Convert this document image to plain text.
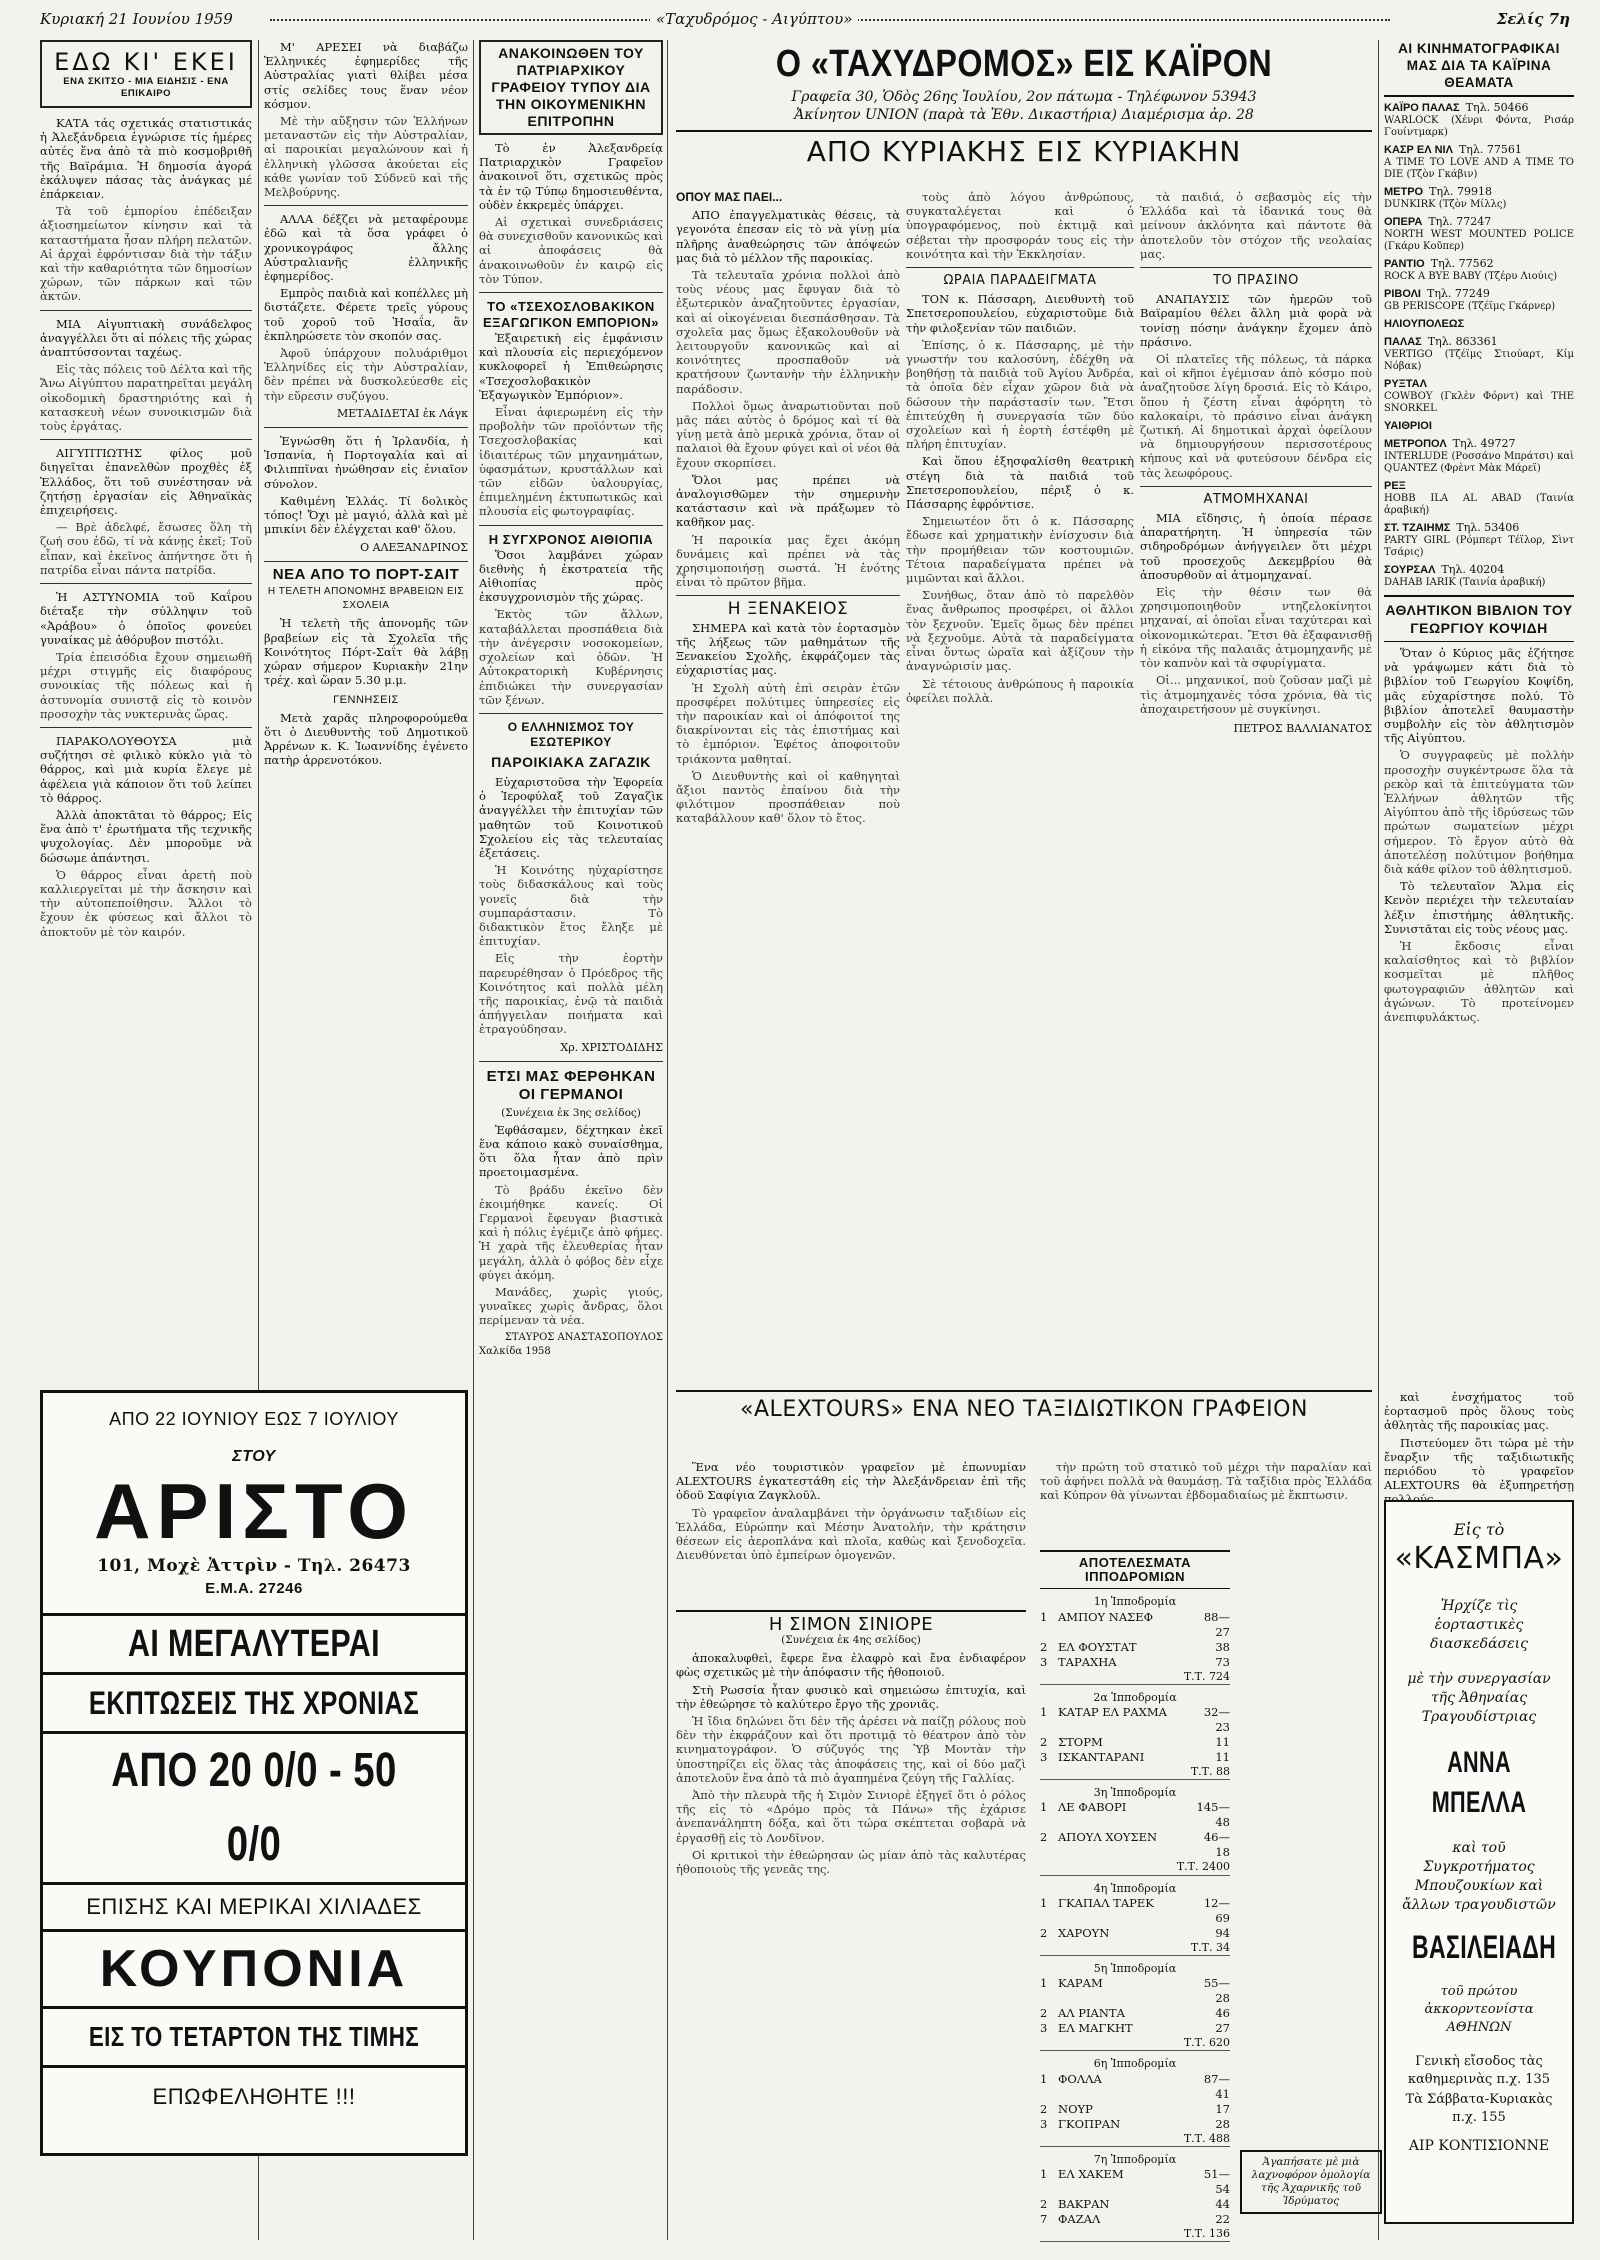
Κυριακή 21 Ιουνίου 1959	«Ταχυδρόμος - Αιγύπτου»	Σελίς 7η
ΕΔΩ ΚΙ' ΕΚΕΙ
ΕΝΑ ΣΚΙΤΣΟ - ΜΙΑ ΕΙΔΗΣΙΣ - ΕΝΑ ΕΠΙΚΑΙΡΟ

ΚΑΤΑ τάς σχετικάς στατιστικάς ἡ Ἀλεξάνδρεια ἐγνώρισε τίς ἡμέρες αὐτές ἕνα ἀπὸ τὰ πιὸ κοσμοβριθῆ τῆς Βαϊράμια. Ἡ δημοσία ἀγορά ἐκάλυψεν πάσας τὰς ἀνάγκας μέ ἐπάρκειαν.

Τὰ τοῦ ἐμπορίου ἐπέδειξαν ἀξιοσημείωτον κίνησιν καὶ τὰ καταστήματα ἦσαν πλήρη πελατῶν. Αἱ ἀρχαὶ ἐφρόντισαν διὰ τὴν τάξιν καὶ τὴν καθαριότητα τῶν δημοσίων χώρων, τῶν πάρκων καὶ τῶν ἀκτῶν.

ΜΙΑ Αἰγυπτιακὴ συνάδελφος ἀναγγέλλει ὅτι αἱ πόλεις τῆς χώρας ἀναπτύσσονται ταχέως.

Εἰς τὰς πόλεις τοῦ Δέλτα καὶ τῆς Ἄνω Αἰγύπτου παρατηρεῖται μεγάλη οἰκοδομικὴ δραστηριότης καὶ ἡ κατασκευὴ νέων συνοικισμῶν διὰ τοὺς ἐργάτας.

ΑΙΓΥΠΤΙΩΤΗΣ φίλος μοῦ διηγεῖται ἐπανελθὼν προχθὲς ἐξ Ἑλλάδος, ὅτι τοῦ συνέστησαν νὰ ζητήσῃ ἐργασίαν εἰς Ἀθηναϊκὰς ἐπιχειρήσεις.

— Βρὲ ἀδελφέ, ἔσωσες ὅλη τὴ ζωή σου ἐδῶ, τί νὰ κάνῃς ἐκεῖ; Τοῦ εἶπαν, καὶ ἐκεῖνος ἀπήντησε ὅτι ἡ πατρίδα εἶναι πάντα πατρίδα.

Ἡ ΑΣΤΥΝΟΜΙΑ τοῦ Καΐρου διέταξε τὴν σύλληψιν τοῦ «Ἀράβου» ὁ ὁποῖος φονεύει γυναίκας μὲ ἀθόρυβον πιστόλι.

Τρία ἐπεισόδια ἔχουν σημειωθῆ μέχρι στιγμῆς εἰς διαφόρους συνοικίας τῆς πόλεως καὶ ἡ ἀστυνομία συνιστᾷ εἰς τὸ κοινὸν προσοχὴν τὰς νυκτερινὰς ὥρας.

ΠΑΡΑΚΟΛΟΥΘΟΥΣΑ μιὰ συζήτησι σὲ φιλικὸ κύκλο γιὰ τὸ θάρρος, καὶ μιὰ κυρία ἔλεγε μὲ ἀφέλεια γιὰ κάποιον ὅτι τοῦ λείπει τὸ θάρρος.

Ἀλλὰ ἀποκτᾶται τὸ θάρρος; Εἰς ἕνα ἀπὸ τ' ἐρωτήματα τῆς τεχνικῆς ψυχολογίας. Δὲν μποροῦμε νὰ δώσωμε ἀπάντησι.

Ὁ θάρρος εἶναι ἀρετὴ ποὺ καλλιεργεῖται μὲ τὴν ἄσκησιν καὶ τὴν αὐτοπεποίθησιν. Ἄλλοι τὸ ἔχουν ἐκ φύσεως καὶ ἄλλοι τὸ ἀποκτοῦν μὲ τὸν καιρόν.

Μ' ΑΡΕΣΕΙ νὰ διαβάζω Ἑλληνικές ἐφημερίδες τῆς Αὐστραλίας γιατὶ θλίβει μέσα στίς σελίδες τους ἕναν νέον κόσμον.

Μὲ τὴν αὔξησιν τῶν Ἑλλήνων μεταναστῶν εἰς τὴν Αὐστραλίαν, αἱ παροικίαι μεγαλώνουν καὶ ἡ ἑλληνικὴ γλῶσσα ἀκούεται εἰς κάθε γωνίαν τοῦ Σύδνεϋ καὶ τῆς Μελβούρνης.

ΑΛΛΑ δέξζει νὰ μεταφέρουμε ἐδῶ καὶ τὰ ὅσα γράφει ὁ χρονικογράφος ἄλλης Αὐστραλιανῆς ἑλληνικῆς ἐφημερίδος.

Εμπρὸς παιδιὰ καὶ κοπέλλες μὴ διστάζετε. Φέρετε τρεῖς γύρους τοῦ χοροῦ τοῦ Ἠσαΐα, ἂν ἐκπληρώσετε τὸν σκοπόν σας.

Ἀφοῦ ὑπάρχουν πολυάριθμοι Ἑλληνίδες εἰς τὴν Αὐστραλίαν, δὲν πρέπει νὰ δυσκολεύεσθε εἰς τὴν εὕρεσιν συζύγου.

ΜΕΤΑΔΙΔΕΤΑΙ ἐκ Λάγκ

Ἐγνώσθη ὅτι ἡ Ἰρλανδία, ἡ Ἰσπανία, ἡ Πορτογαλία καὶ αἱ Φιλιππῖναι ἠνώθησαν εἰς ἐνιαῖον σύνολον.

Καθιμένη Ἑλλάς. Τί δολικὸς τόπος! Ὄχι μὲ μαγιό, ἀλλὰ καὶ μὲ μπικίνι δὲν ἐλέγχεται καθ' ὅλου.

Ο ΑΛΕΞΑΝΔΡΙΝΟΣ
ΝΕΑ ΑΠΟ ΤΟ ΠΟΡΤ-ΣΑΙΤ
Η ΤΕΛΕΤΗ ΑΠΟΝΟΜΗΣ ΒΡΑΒΕΙΩΝ ΕΙΣ ΣΧΟΛΕΙΑ

Ἡ τελετὴ τῆς ἀπονομῆς τῶν βραβείων εἰς τὰ Σχολεῖα τῆς Κοινότητος Πόρτ-Σαΐτ θὰ λάβῃ χώραν σήμερον Κυριακὴν 21ην τρέχ. καὶ ὥραν 5.30 μ.μ.

ΓΕΝΝΗΣΕΙΣ

Μετὰ χαρᾶς πληροφορούμεθα ὅτι ὁ Διευθυντὴς τοῦ Δημοτικοῦ Ἀρρένων κ. Κ. Ἰωαννίδης ἐγένετο πατὴρ ἀρρενοτόκου.

ΑΠΟ 22 ΙΟΥΝΙΟΥ ΕΩΣ 7 ΙΟΥΛΙΟΥ
ΣΤΟΥ
ΑΡΙΣΤΟ
101, Μοχὲ Ἀττρὶν - Τηλ. 26473
Ε.Μ.Α. 27246
ΑΙ ΜΕΓΑΛΥΤΕΡΑΙ
ΕΚΠΤΩΣΕΙΣ ΤΗΣ ΧΡΟΝΙΑΣ
ΑΠΟ 20 0/0 - 50 0/0
ΕΠΙΣΗΣ ΚΑΙ ΜΕΡΙΚΑΙ ΧΙΛΙΑΔΕΣ
ΚΟΥΠΟΝΙΑ
ΕΙΣ ΤΟ ΤΕΤΑΡΤΟΝ ΤΗΣ ΤΙΜΗΣ
ΕΠΩΦΕΛΗΘΗΤΕ !!!
ΑΝΑΚΟΙΝΩΘΕΝ ΤΟΥ ΠΑΤΡΙΑΡΧΙΚΟΥ ΓΡΑΦΕΙΟΥ ΤΥΠΟΥ ΔΙΑ ΤΗΝ ΟΙΚΟΥΜΕΝΙΚΗΝ ΕΠΙΤΡΟΠΗΝ

Τὸ ἐν Ἀλεξανδρείᾳ Πατριαρχικὸν Γραφεῖον ἀνακοινοῖ ὅτι, σχετικῶς πρὸς τὰ ἐν τῷ Τύπῳ δημοσιευθέντα, οὐδὲν ἐκκρεμὲς ὑπάρχει.

Αἱ σχετικαὶ συνεδριάσεις θὰ συνεχισθοῦν κανονικῶς καὶ αἱ ἀποφάσεις θὰ ἀνακοινωθοῦν ἐν καιρῷ εἰς τὸν Τύπον.

ΤΟ «ΤΣΕΧΟΣΛΟΒΑΚΙΚΟΝ ΕΞΑΓΩΓΙΚΟΝ ΕΜΠΟΡΙΟΝ»

Ἐξαιρετικὴ εἰς ἐμφάνισιν καὶ πλουσία εἰς περιεχόμενον κυκλοφορεῖ ἡ Ἐπιθεώρησις «Τσεχοσλοβακικὸν Ἐξαγωγικὸν Ἐμπόριον».

Εἶναι ἀφιερωμένη εἰς τὴν προβολὴν τῶν προϊόντων τῆς Τσεχοσλοβακίας καὶ ἰδιαιτέρως τῶν μηχανημάτων, ὑφασμάτων, κρυστάλλων καὶ τῶν εἰδῶν ὑαλουργίας, ἐπιμελημένη ἐκτυπωτικῶς καὶ πλουσία εἰς φωτογραφίας.

Η ΣΥΓΧΡΟΝΟΣ ΑΙΘΙΟΠΙΑ

Ὅσοι λαμβάνει χώραν διεθνὴς ἡ ἐκστρατεία τῆς Αἰθιοπίας πρὸς ἐκσυγχρονισμὸν τῆς χώρας.

Ἐκτὸς τῶν ἄλλων, καταβάλλεται προσπάθεια διὰ τὴν ἀνέγερσιν νοσοκομείων, σχολείων καὶ ὁδῶν. Ἡ Αὐτοκρατορικὴ Κυβέρνησις ἐπιδιώκει τὴν συνεργασίαν τῶν ξένων.

Ο ΕΛΛΗΝΙΣΜΟΣ ΤΟΥ ΕΣΩΤΕΡΙΚΟΥ
ΠΑΡΟΙΚΙΑΚΑ ΖΑΓΑΖΙΚ

Εὐχαριστοῦσα τὴν Ἐφορεία ὁ Ἱεροφύλαξ τοῦ Ζαγαζὶκ ἀναγγέλλει τὴν ἐπιτυχίαν τῶν μαθητῶν τοῦ Κοινοτικοῦ Σχολείου εἰς τὰς τελευταίας ἐξετάσεις.

Ἡ Κοινότης ηὐχαρίστησε τοὺς διδασκάλους καὶ τοὺς γονεῖς διὰ τὴν συμπαράστασιν. Τὸ διδακτικὸν ἔτος ἔληξε μὲ ἐπιτυχίαν.

Εἰς τὴν ἑορτὴν παρευρέθησαν ὁ Πρόεδρος τῆς Κοινότητος καὶ πολλὰ μέλη τῆς παροικίας, ἐνῷ τὰ παιδιὰ ἀπήγγειλαν ποιήματα καὶ ἐτραγούδησαν.

Χρ. ΧΡΙΣΤΟΔΙΔΗΣ
ΕΤΣΙ ΜΑΣ ΦΕΡΘΗΚΑΝ ΟΙ ΓΕΡΜΑΝΟΙ
(Συνέχεια ἐκ 3ης σελίδος)

Ἐφθάσαμεν, δέχτηκαν ἐκεῖ ἕνα κάποιο κακὸ συναίσθημα, ὅτι ὅλα ἦταν ἀπὸ πρὶν προετοιμασμένα.

Τὸ βράδυ ἐκεῖνο δὲν ἐκοιμήθηκε κανείς. Οἱ Γερμανοὶ ἔφευγαν βιαστικὰ καὶ ἡ πόλις ἐγέμιζε ἀπὸ φήμες. Ἡ χαρὰ τῆς ἐλευθερίας ἦταν μεγάλη, ἀλλὰ ὁ φόβος δὲν εἶχε φύγει ἀκόμη.

Μανάδες, χωρὶς γιούς, γυναῖκες χωρὶς ἄνδρας, ὅλοι περίμεναν τὰ νέα.

ΣΤΑΥΡΟΣ ΑΝΑΣΤΑΣΟΠΟΥΛΟΣ
Χαλκίδα 1958
Ο «ΤΑΧΥΔΡΟΜΟΣ» ΕΙΣ ΚΑΪΡΟΝ
Γραφεῖα 30, Ὁδὸς 26ης Ἰουλίου, 2ον πάτωμα - Τηλέφωνον 53943
Ἀκίνητον UNION (παρὰ τὰ Ἐθν. Δικαστήρια) Διαμέρισμα ἀρ. 28
ΑΠΟ ΚΥΡΙΑΚΗΣ ΕΙΣ ΚΥΡΙΑΚΗΝ
ΟΠΟΥ ΜΑΣ ΠΑΕΙ...

ΑΠΟ ἐπαγγελματικὰς θέσεις, τὰ γεγονότα ἐπεσαν εἰς τὸ νὰ γίνῃ μία πλῆρης ἀναθεώρησις τῶν ἀπόψεών μας διὰ τὸ μέλλον τῆς παροικίας.

Τὰ τελευταῖα χρόνια πολλοὶ ἀπὸ τοὺς νέους μας ἔφυγαν διὰ τὸ ἐξωτερικὸν ἀναζητοῦντες ἐργασίαν, καὶ αἱ οἰκογένειαι διεσπάσθησαν. Τὰ σχολεῖα μας ὅμως ἐξακολουθοῦν νὰ λειτουργοῦν κανονικῶς καὶ αἱ κοινότητες προσπαθοῦν νὰ κρατήσουν ζωντανὴν τὴν ἑλληνικὴν παράδοσιν.

Πολλοὶ ὅμως ἀναρωτιοῦνται ποῦ μᾶς πάει αὐτὸς ὁ δρόμος καὶ τί θὰ γίνῃ μετὰ ἀπὸ μερικὰ χρόνια, ὅταν οἱ παλαιοὶ θὰ ἔχουν φύγει καὶ οἱ νέοι θὰ ἔχουν σκορπίσει.

Ὅλοι μας πρέπει νὰ ἀναλογισθῶμεν τὴν σημερινὴν κατάστασιν καὶ νὰ πράξωμεν τὸ καθῆκον μας.

Ἡ παροικία μας ἔχει ἀκόμη δυνάμεις καὶ πρέπει νὰ τὰς χρησιμοποιήσῃ σωστά. Ἡ ἑνότης εἶναι τὸ πρῶτον βῆμα.

Η ΞΕΝΑΚΕΙΟΣ

ΣΗΜΕΡΑ καὶ κατὰ τὸν ἑορτασμὸν τῆς λήξεως τῶν μαθημάτων τῆς Ξενακείου Σχολῆς, ἐκφράζομεν τὰς εὐχαριστίας μας.

Ἡ Σχολὴ αὐτὴ ἐπὶ σειρὰν ἐτῶν προσφέρει πολύτιμες ὑπηρεσίες εἰς τὴν παροικίαν καὶ οἱ ἀπόφοιτοί της διακρίνονται εἰς τὰς ἐπιστήμας καὶ τὸ ἐμπόριον. Ἐφέτος ἀποφοιτοῦν τριάκοντα μαθηταί.

Ὁ Διευθυντὴς καὶ οἱ καθηγηταὶ ἄξιοι παντὸς ἐπαίνου διὰ τὴν φιλότιμον προσπάθειαν ποὺ καταβάλλουν καθ' ὅλον τὸ ἔτος.

τοὺς ἀπὸ λόγου ἀνθρώπους, συγκαταλέγεται καὶ ὁ ὑπογραφόμενος, ποὺ ἐκτιμᾷ καὶ σέβεται τὴν προσφοράν τους εἰς τὴν κοινότητα καὶ τὴν Ἐκκλησίαν.

ΩΡΑΙΑ ΠΑΡΑΔΕΙΓΜΑΤΑ

ΤΟΝ κ. Πάσσαρη, Διευθυντὴ τοῦ Σπετσεροπουλείου, εὐχαριστοῦμε διὰ τὴν φιλοξενίαν τῶν παιδιῶν.

Ἐπίσης, ὁ κ. Πάσσαρης, μὲ τὴν γνωστήν του καλοσύνη, ἐδέχθη νὰ βοηθήσῃ τὰ παιδιὰ τοῦ Ἀγίου Ἀνδρέα, τὰ ὁποῖα δὲν εἶχαν χῶρον διὰ νὰ δώσουν τὴν παράστασίν των. Ἔτσι ἐπιτεύχθη ἡ συνεργασία τῶν δύο σχολείων καὶ ἡ ἑορτὴ ἐστέφθη μὲ πλήρη ἐπιτυχίαν.

Καὶ ὅπου ἐξησφαλίσθη θεατρικὴ στέγη διὰ τὰ παιδιά τοῦ Σπετσεροπουλείου, πέριξ ὁ κ. Πάσσαρης ἐφρόντισε.

Σημειωτέον ὅτι ὁ κ. Πάσσαρης ἔδωσε καὶ χρηματικὴν ἐνίσχυσιν διὰ τὴν προμήθειαν τῶν κοστουμιῶν. Τέτοια παραδείγματα πρέπει νὰ μιμῶνται καὶ ἄλλοι.

Συνήθως, ὅταν ἀπὸ τὸ παρελθὸν ἕνας ἄνθρωπος προσφέρει, οἱ ἄλλοι τὸν ξεχνοῦν. Ἐμεῖς ὅμως δὲν πρέπει νὰ ξεχνοῦμε. Αὐτὰ τὰ παραδείγματα εἶναι ὄντως ὡραῖα καὶ ἀξίζουν τὴν ἀναγνώρισίν μας.

Σὲ τέτοιους ἀνθρώπους ἡ παροικία ὀφείλει πολλὰ.

τὰ παιδιά, ὁ σεβασμὸς εἰς τὴν Ἑλλάδα καὶ τὰ ἰδανικά τους θὰ μείνουν ἀκλόνητα καὶ πάντοτε θὰ ἀποτελοῦν τὸν στόχον τῆς νεολαίας μας.

ΤΟ ΠΡΑΣΙΝΟ

ΑΝΑΠΑΥΣΙΣ τῶν ἠμερῶν τοῦ Βαϊραμίου θέλει ἄλλη μιὰ φορὰ νὰ τονίσῃ πόσην ἀνάγκην ἔχομεν ἀπὸ πράσινο.

Οἱ πλατεῖες τῆς πόλεως, τὰ πάρκα καὶ οἱ κῆποι ἐγέμισαν ἀπὸ κόσμο ποὺ ἀναζητοῦσε λίγη δροσιά. Εἰς τὸ Κάιρο, ὅπου ἡ ζέστη εἶναι ἀφόρητη τὸ καλοκαίρι, τὸ πράσινο εἶναι ἀνάγκη ζωτική. Αἱ δημοτικαὶ ἀρχαὶ ὀφείλουν νὰ δημιουργήσουν περισσοτέρους κήπους καὶ νὰ φυτεύσουν δένδρα εἰς τὰς λεωφόρους.

ΑΤΜΟΜΗΧΑΝΑΙ

ΜΙΑ εἴδησις, ἡ ὁποία πέρασε ἀπαρατήρητη. Ἡ ὑπηρεσία τῶν σιδηροδρόμων ἀνήγγειλεν ὅτι μέχρι τοῦ προσεχοῦς Δεκεμβρίου θὰ ἀποσυρθοῦν αἱ ἀτμομηχαναί.

Εἰς τὴν θέσιν των θὰ χρησιμοποιηθοῦν ντηζελοκίνητοι μηχαναί, αἱ ὁποῖαι εἶναι ταχύτεραι καὶ οἰκονομικώτεραι. Ἔτσι θὰ ἐξαφανισθῇ ἡ εἰκόνα τῆς παλαιᾶς ἀτμομηχανῆς μὲ τὸν καπνὸν καὶ τὰ σφυρίγματα.

Οἱ... μηχανικοί, ποὺ ζοῦσαν μαζὶ μὲ τὶς ἀτμομηχανὲς τόσα χρόνια, θὰ τὶς ἀποχαιρετήσουν μὲ συγκίνησι.

ΠΕΤΡΟΣ ΒΑΛΛΙΑΝΑΤΟΣ
«ALEXTOURS» ΕΝΑ ΝΕΟ ΤΑΞΙΔΙΩΤΙΚΟΝ ΓΡΑΦΕΙΟΝ

Ἕνα νέο τουριστικὸν γραφεῖον μὲ ἐπωνυμίαν ALEXTOURS ἐγκατεστάθη εἰς τὴν Ἀλεξάνδρειαν ἐπὶ τῆς ὁδοῦ Σαφίγια Ζαγκλοῦλ.

Τὸ γραφεῖον ἀναλαμβάνει τὴν ὀργάνωσιν ταξιδίων εἰς Ἑλλάδα, Εὐρώπην καὶ Μέσην Ἀνατολήν, τὴν κράτησιν θέσεων εἰς ἀεροπλάνα καὶ πλοῖα, καθὼς καὶ ξενοδοχεῖα. Διευθύνεται ὑπὸ ἐμπείρων ὁμογενῶν.

τὴν πρώτη τοῦ στατικὸ τοῦ μέχρι τὴν παραλίαν καὶ τοῦ ἀφήνει πολλὰ νὰ θαυμάσῃ. Τὰ ταξίδια πρὸς Ἑλλάδα καὶ Κύπρον θὰ γίνωνται ἐβδομαδιαίως μὲ ἔκπτωσιν.

ΑΠΟΤΕΛΕΣΜΑΤΑ ΙΠΠΟΔΡΟΜΙΩΝ
1η Ἱπποδρομία
1 ΑΜΠΟΥ ΝΑΣΕΦ	88—27
2 ΕΛ ΦΟΥΣΤΑΤ	38
3 ΤΑΡΑΧΗΑ	73
Τ.Τ. 724
2α Ἱπποδρομία
1 ΚΑΤΑΡ ΕΛ ΡΑΧΜΑ	32—23
2 ΣΤΟΡΜ	11
3 ΙΣΚΑΝΤΑΡΑΝΙ	11
Τ.Τ. 88
3η Ἱπποδρομία
1 ΛΕ ΦΑΒΟΡΙ	145—48
2 ΑΠΟΥΛ ΧΟΥΣΕΝ	46—18
Τ.Τ. 2400
4η Ἱπποδρομία
1 ΓΚΑΠΑΛ ΤΑΡΕΚ	12—69
2 ΧΑΡΟΥΝ	94
Τ.Τ. 34
5η Ἱπποδρομία
1 ΚΑΡΑΜ	55—28
2 ΑΛ ΡΙΑΝΤΑ	46
3 ΕΛ ΜΑΓΚΗΤ	27
Τ.Τ. 620
6η Ἱπποδρομία
1 ΦΟΛΛΑ	87—41
2 ΝΟΥΡ	17
3 ΓΚΟΠΡΑΝ	28
Τ.Τ. 488
7η Ἱπποδρομία
1 ΕΛ ΧΑΚΕΜ	51—54
2 ΒΑΚΡΑΝ	44
7 ΦΑΖΑΛ	22
Τ.Τ. 136
Η ΣΙΜΟΝ ΣΙΝΙΟΡΕ
(Συνέχεια ἐκ 4ης σελίδος)

ἀποκαλυφθεὶ, ἔφερε ἕνα ἐλαφρὸ καὶ ἔνα ἐνδιαφέρον φὼς σχετικῶς μὲ τὴν ἀπόφασιν τῆς ἠθοποιοῦ.

Στὴ Ρωσσία ἦταν φυσικὸ καὶ σημειώσω ἐπιτυχία, καὶ τὴν ἐθεώρησε τὸ καλύτερο ἔργο τῆς χρονιᾶς.

Ἡ ἴδια δηλώνει ὅτι δὲν τῆς ἀρέσει νὰ παίζῃ ρόλους ποὺ δὲν τὴν ἐκφράζουν καὶ ὅτι προτιμᾷ τὸ θέατρον ἀπὸ τὸν κινηματογράφον. Ὁ σύζυγός της Ὑβ Μοντὰν τὴν ὑποστηρίζει εἰς ὅλας τὰς ἀποφάσεις της, καὶ οἱ δύο μαζὶ ἀποτελοῦν ἕνα ἀπὸ τὰ πιὸ ἀγαπημένα ζεύγη τῆς Γαλλίας.

Ἀπὸ τὴν πλευρὰ τῆς ἡ Σιμὸν Σινιορὲ ἐξηγεῖ ὅτι ὁ ρόλος τῆς εἰς τὸ «Δρόμο πρὸς τὰ Πάνω» τῆς ἐχάρισε ἀνεπανάληπτη δόξα, καὶ ὅτι τώρα σκέπτεται σοβαρὰ νὰ ἐργασθῇ εἰς τὸ Λονδῖνον.

Οἱ κριτικοὶ τὴν ἐθεώρησαν ὡς μίαν ἀπὸ τὰς καλυτέρας ἠθοποιοὺς τῆς γενεᾶς της.

Ἀγαπήσατε μὲ μιὰ λαχνοφόρον ὁμολογία τῆς Ἀχαρνικῆς τοῦ Ἱδρύματος
ΑΙ ΚΙΝΗΜΑΤΟΓΡΑΦΙΚΑΙ ΜΑΣ ΔΙΑ ΤΑ ΚΑΪΡΙΝΑ ΘΕΑΜΑΤΑ
ΚΑΪΡΟ ΠΑΛΑΣ Τηλ. 50466
WARLOCK (Χένρι Φόντα, Ρισάρ Γουίντμαρκ)
ΚΑΣΡ ΕΛ ΝΙΛ Τηλ. 77561
A TIME TO LOVE AND A TIME TO DIE (Τζὸν Γκάβιν)
ΜΕΤΡΟ Τηλ. 79918
DUNKIRK (Τζὸν Μίλλς)
ΟΠΕΡΑ Τηλ. 77247
NORTH WEST MOUNTED POLICE (Γκάρυ Κοῦπερ)
ΡΑΝΤΙΟ Τηλ. 77562
ROCK A BYE BABY (Τζέρυ Λιούις)
ΡΙΒΟΛΙ Τηλ. 77249
GB PERISCOPE (Τζέϊμς Γκάρνερ)
ΗΛΙΟΥΠΟΛΕΩΣ
ΠΑΛΑΣ Τηλ. 863361
VERTIGO (Τζέϊμς Στιούαρτ, Κίμ Νόβακ)
ΡΥΞΤΑΛ
COWBOY (Γκλὲν Φόρντ) καὶ THE SNORKEL
ΥΑΙΘΡΙΟΙ
ΜΕΤΡΟΠΟΛ Τηλ. 49727
INTERLUDE (Ροσσάνο Μπράτσι) καὶ QUANTEZ (Φρὲντ Μὰκ Μάρεϊ)
ΡΕΞ
HOBB ILA AL ABAD (Ταινία ἀραβική)
ΣΤ. ΤΖΑΙΗΜΣ Τηλ. 53406
PARTY GIRL (Ρόμπερτ Τέϊλορ, Σὶντ Τσάρις)
ΣΟΥΡΣΑΛ Τηλ. 40204
DAHAB IARIK (Ταινία ἀραβική)
ΑΘΛΗΤΙΚΟΝ ΒΙΒΛΙΟΝ ΤΟΥ ΓΕΩΡΓΙΟΥ ΚΟΨΙΔΗ

Ὅταν ὁ Κύριος μᾶς ἐζήτησε νὰ γράψωμεν κάτι διὰ τὸ βιβλίον τοῦ Γεωργίου Κοψίδη, μᾶς εὐχαρίστησε πολύ. Τὸ βιβλίον ἀποτελεῖ θαυμαστὴν συμβολὴν εἰς τὸν ἀθλητισμὸν τῆς Αἰγύπτου.

Ὁ συγγραφεὺς μὲ πολλὴν προσοχὴν συγκέντρωσε ὅλα τὰ ρεκὸρ καὶ τὰ ἐπιτεύγματα τῶν Ἑλλήνων ἀθλητῶν τῆς Αἰγύπτου ἀπὸ τῆς ἱδρύσεως τῶν πρώτων σωματείων μέχρι σήμερον. Τὸ ἔργον αὐτὸ θὰ ἀποτελέσῃ πολύτιμον βοήθημα διὰ κάθε φίλον τοῦ ἀθλητισμοῦ.

Τὸ τελευταῖον Ἄλμα εἰς Κενὸν περιέχει τὴν τελευταίαν λέξιν ἐπιστήμης ἀθλητικῆς. Συνιστᾶται εἰς τοὺς νέους μας.

Ἡ ἔκδοσις εἶναι καλαίσθητος καὶ τὸ βιβλίον κοσμεῖται μὲ πλῆθος φωτογραφιῶν ἀθλητῶν καὶ ἀγώνων. Τὸ προτείνομεν ἀνεπιφυλάκτως.

καὶ ἐνσχήματος τοῦ ἑορτασμοῦ πρὸς ὅλους τοὺς ἀθλητὰς τῆς παροικίας μας.

Πιστεύομεν ὅτι τώρα μὲ τὴν ἔναρξιν τῆς ταξιδιωτικῆς περιόδου τὸ γραφεῖον ALEXTOURS θὰ ἐξυπηρετήσῃ

Εἰς τὸ
«ΚΑΣΜΠΑ»
Ἠρχίζε τὶς ἑορταστικὲς διασκεδάσεις
μὲ τὴν συνεργασίαν τῆς Ἀθηναίας Τραγουδίστριας
ΑΝΝΑ ΜΠΕΛΛΑ
καὶ τοῦ Συγκροτήματος Μπουζουκίων καὶ ἄλλων τραγουδιστῶν
ΒΑΣΙΛΕΙΑΔΗ
τοῦ πρώτου ἀκκορντεονίστα ΑΘΗΝΩΝ
Γενικὴ εἴσοδος τὰς καθημερινὰς π.χ. 135
Τὰ Σάββατα-Κυριακὰς π.χ. 155
ΑΙΡ ΚΟΝΤΙΣΙΟΝΝΕ
